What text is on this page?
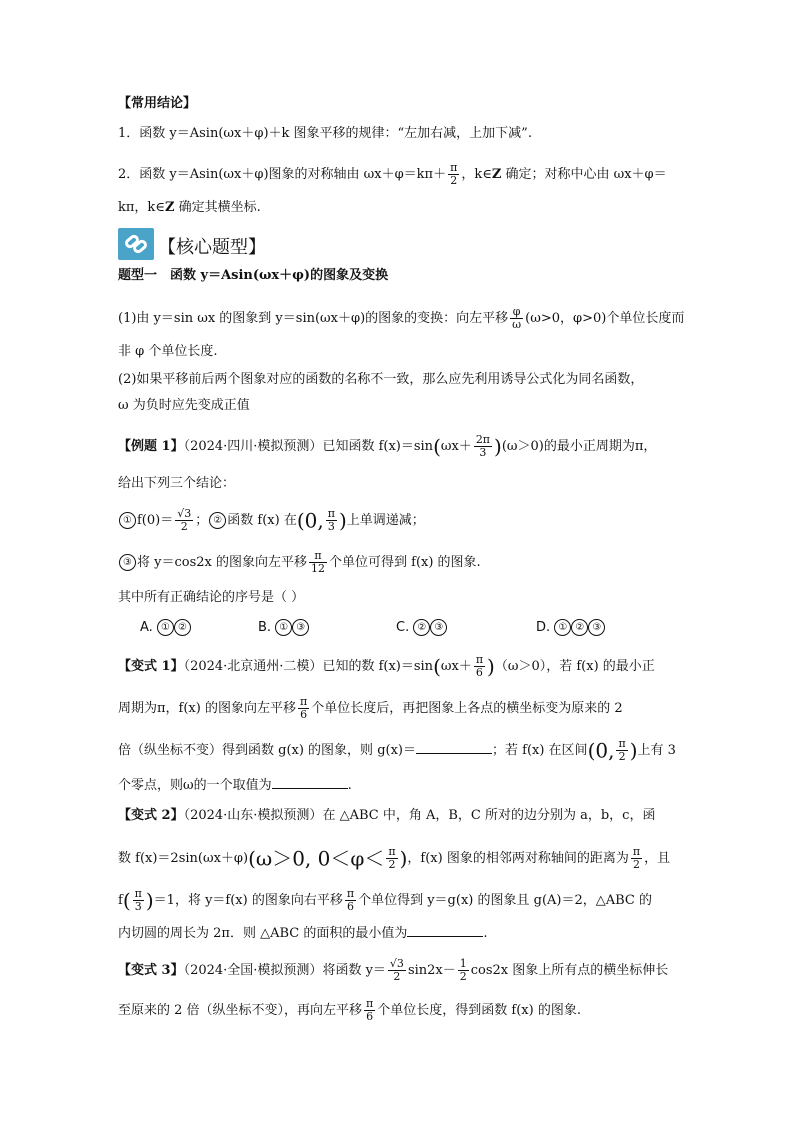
【常用结论】
1．函数 y＝Asin(ωx＋φ)＋k 图象平移的规律：“左加右减，上加下减”.
2．函数 y＝Asin(ωx＋φ)图象的对称轴由 $\omega x+\varphi=k\pi+ \frac{\pi}{2}$ ，k∈Z 确定；对称中心由 ωx＋φ＝
kπ，k∈Z 确定其横坐标.
【核心题型】
题型一　函数 y＝Asin(ωx＋φ)的图象及变换
(1)由 y＝sin ωx 的图象到 y＝sin(ωx＋φ)的图象的变换：向左平移 $\frac{\varphi}{\omega} (\omega>0$，φ>0)个单位长度而
非 φ 个单位长度.
(2)如果平移前后两个图象对应的函数的名称不一致，那么应先利用诱导公式化为同名函数，
ω 为负时应先变成正值
【例题 1】（2024·四川·模拟预测）已知函数 $f(x)=\sin(\omega x+ \frac{2\pi}{3} )(\omega>0)$的最小正周期为π，
给出下列三个结论：
① $f(0)= \frac{√3}{2}$ ； ② 函数 f(x) 在(0, $\frac{\pi}{3}$ )上单调递减；
③ 将 y＝cos2x 的图象向左平移 $\frac{\pi}{12}$ 个单位可得到 f(x) 的图象.
其中所有正确结论的序号是（ ）
A. ① ②	B. ① ③	C. ② ③	D. ① ② ③
【变式 1】（2024·北京通州·二模）已知的数 $f(x)=\sin(\omega x+ \frac{\pi}{6} )(\omega>0)$，若 f(x) 的最小正
周期为π，f(x) 的图象向左平移 $\frac{\pi}{6}$ 个单位长度后，再把图象上各点的横坐标变为原来的 2
倍（纵坐标不变）得到函数 g(x) 的图象，则 g(x)＝	；若 f(x) 在区间(0, $\frac{\pi}{2}$ )上有 3
个零点，则ω的一个取值为	.
【变式 2】（2024·山东·模拟预测）在 △ABC 中，角 A，B，C 所对的边分别为 a，b，c，函
数 f(x)＝2sin(ωx＋φ)(ω＞0, $0<\varphi< \frac{\pi}{2}$ )，f(x) 图象的相邻两对称轴间的距离为 $\frac{\pi}{2}$ ，且
$f( \frac{\pi}{3} )=1$，将 y＝f(x) 的图象向右平移 $\frac{\pi}{6}$ 个单位得到 y＝g(x) 的图象且 g(A)＝2，△ABC 的
内切圆的周长为 2π．则 △ABC 的面积的最小值为	.
【变式 3】（2024·全国·模拟预测）将函数 $y= \frac{√3}{2} \sin 2x- \frac{1}{2} \cos 2x$ 图象上所有点的横坐标伸长
至原来的 2 倍（纵坐标不变），再向左平移 $\frac{\pi}{6}$ 个单位长度，得到函数 f(x) 的图象.
